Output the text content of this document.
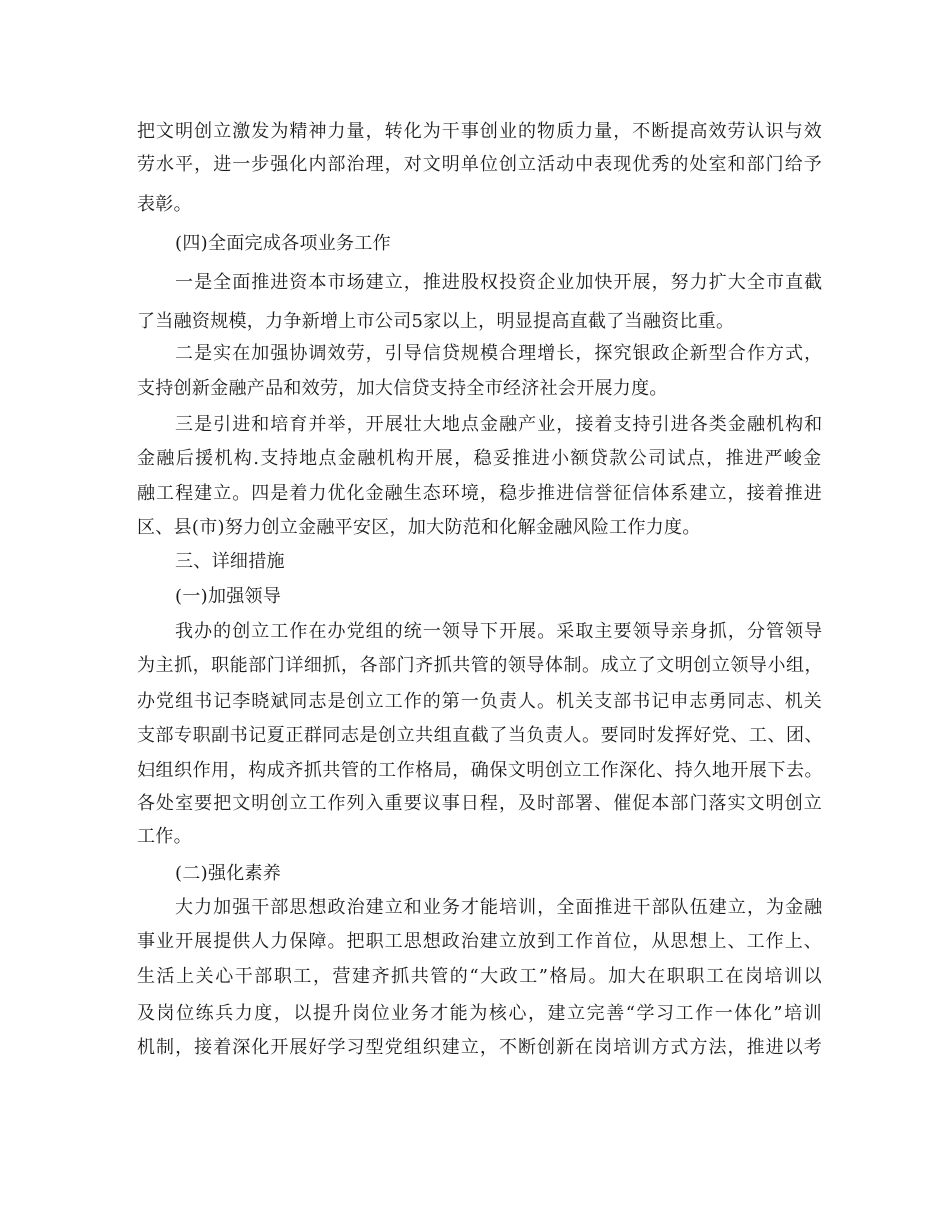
把文明创立激发为精神力量，转化为干事创业的物质力量，不断提高效劳认识与效
劳水平，进一步强化内部治理，对文明单位创立活动中表现优秀的处室和部门给予
表彰。
(四)全面完成各项业务工作
一是全面推进资本市场建立，推进股权投资企业加快开展，努力扩大全市直截
了当融资规模，力争新增上市公司5家以上，明显提高直截了当融资比重。
二是实在加强协调效劳，引导信贷规模合理增长，探究银政企新型合作方式，
支持创新金融产品和效劳，加大信贷支持全市经济社会开展力度。
三是引进和培育并举，开展壮大地点金融产业，接着支持引进各类金融机构和
金融后援机构.支持地点金融机构开展，稳妥推进小额贷款公司试点，推进严峻金
融工程建立。四是着力优化金融生态环境，稳步推进信誉征信体系建立，接着推进
区、县(市)努力创立金融平安区，加大防范和化解金融风险工作力度。
三、详细措施
(一)加强领导
我办的创立工作在办党组的统一领导下开展。采取主要领导亲身抓，分管领导
为主抓，职能部门详细抓，各部门齐抓共管的领导体制。成立了文明创立领导小组，
办党组书记李晓斌同志是创立工作的第一负责人。机关支部书记申志勇同志、机关
支部专职副书记夏正群同志是创立共组直截了当负责人。要同时发挥好党、工、团、
妇组织作用，构成齐抓共管的工作格局，确保文明创立工作深化、持久地开展下去。
各处室要把文明创立工作列入重要议事日程，及时部署、催促本部门落实文明创立
工作。
(二)强化素养
大力加强干部思想政治建立和业务才能培训，全面推进干部队伍建立，为金融
事业开展提供人力保障。把职工思想政治建立放到工作首位，从思想上、工作上、
生活上关心干部职工，营建齐抓共管的“大政工”格局。加大在职职工在岗培训以
及岗位练兵力度，以提升岗位业务才能为核心，建立完善“学习工作一体化”培训
机制，接着深化开展好学习型党组织建立，不断创新在岗培训方式方法，推进以考
